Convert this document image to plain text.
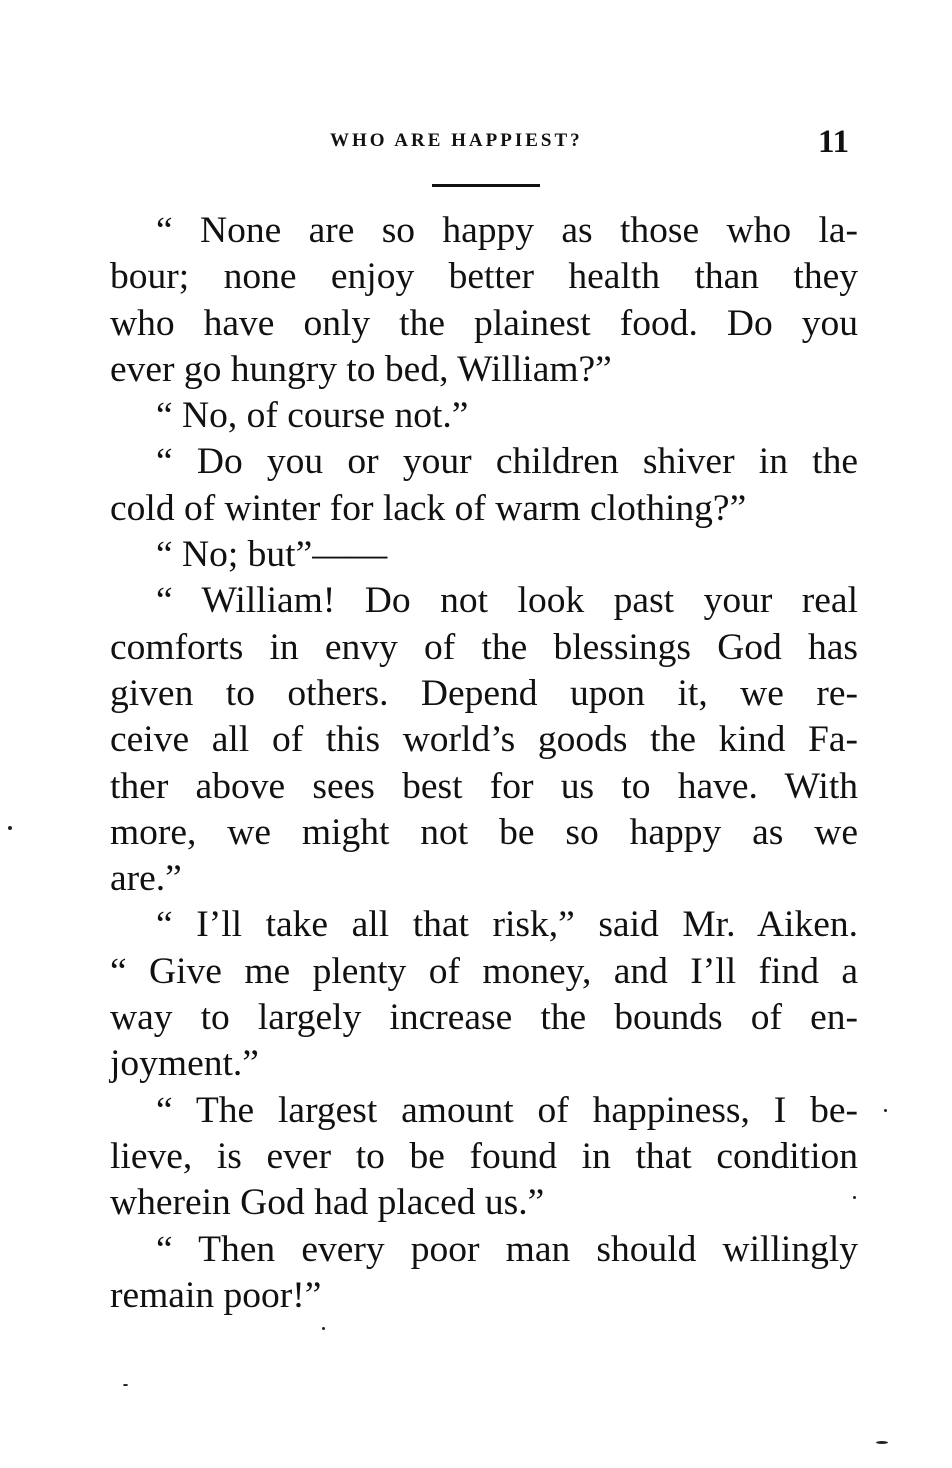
WHO ARE HAPPIEST?	11

“ None are so happy as those who la-
bour; none enjoy better health than they
who have only the plainest food. Do you
ever go hungry to bed, William?”

“ No, of course not.”

“ Do you or your children shiver in the
cold of winter for lack of warm clothing?”

“ No; but”——

“ William! Do not look past your real
comforts in envy of the blessings God has
given to others. Depend upon it, we re-
ceive all of this world’s goods the kind Fa-
ther above sees best for us to have. With
more, we might not be so happy as we
are.”

“ I’ll take all that risk,” said Mr. Aiken.
“ Give me plenty of money, and I’ll find a
way to largely increase the bounds of en-
joyment.”

“ The largest amount of happiness, I be-
lieve, is ever to be found in that condition
wherein God had placed us.”

“ Then every poor man should willingly
remain poor!”
